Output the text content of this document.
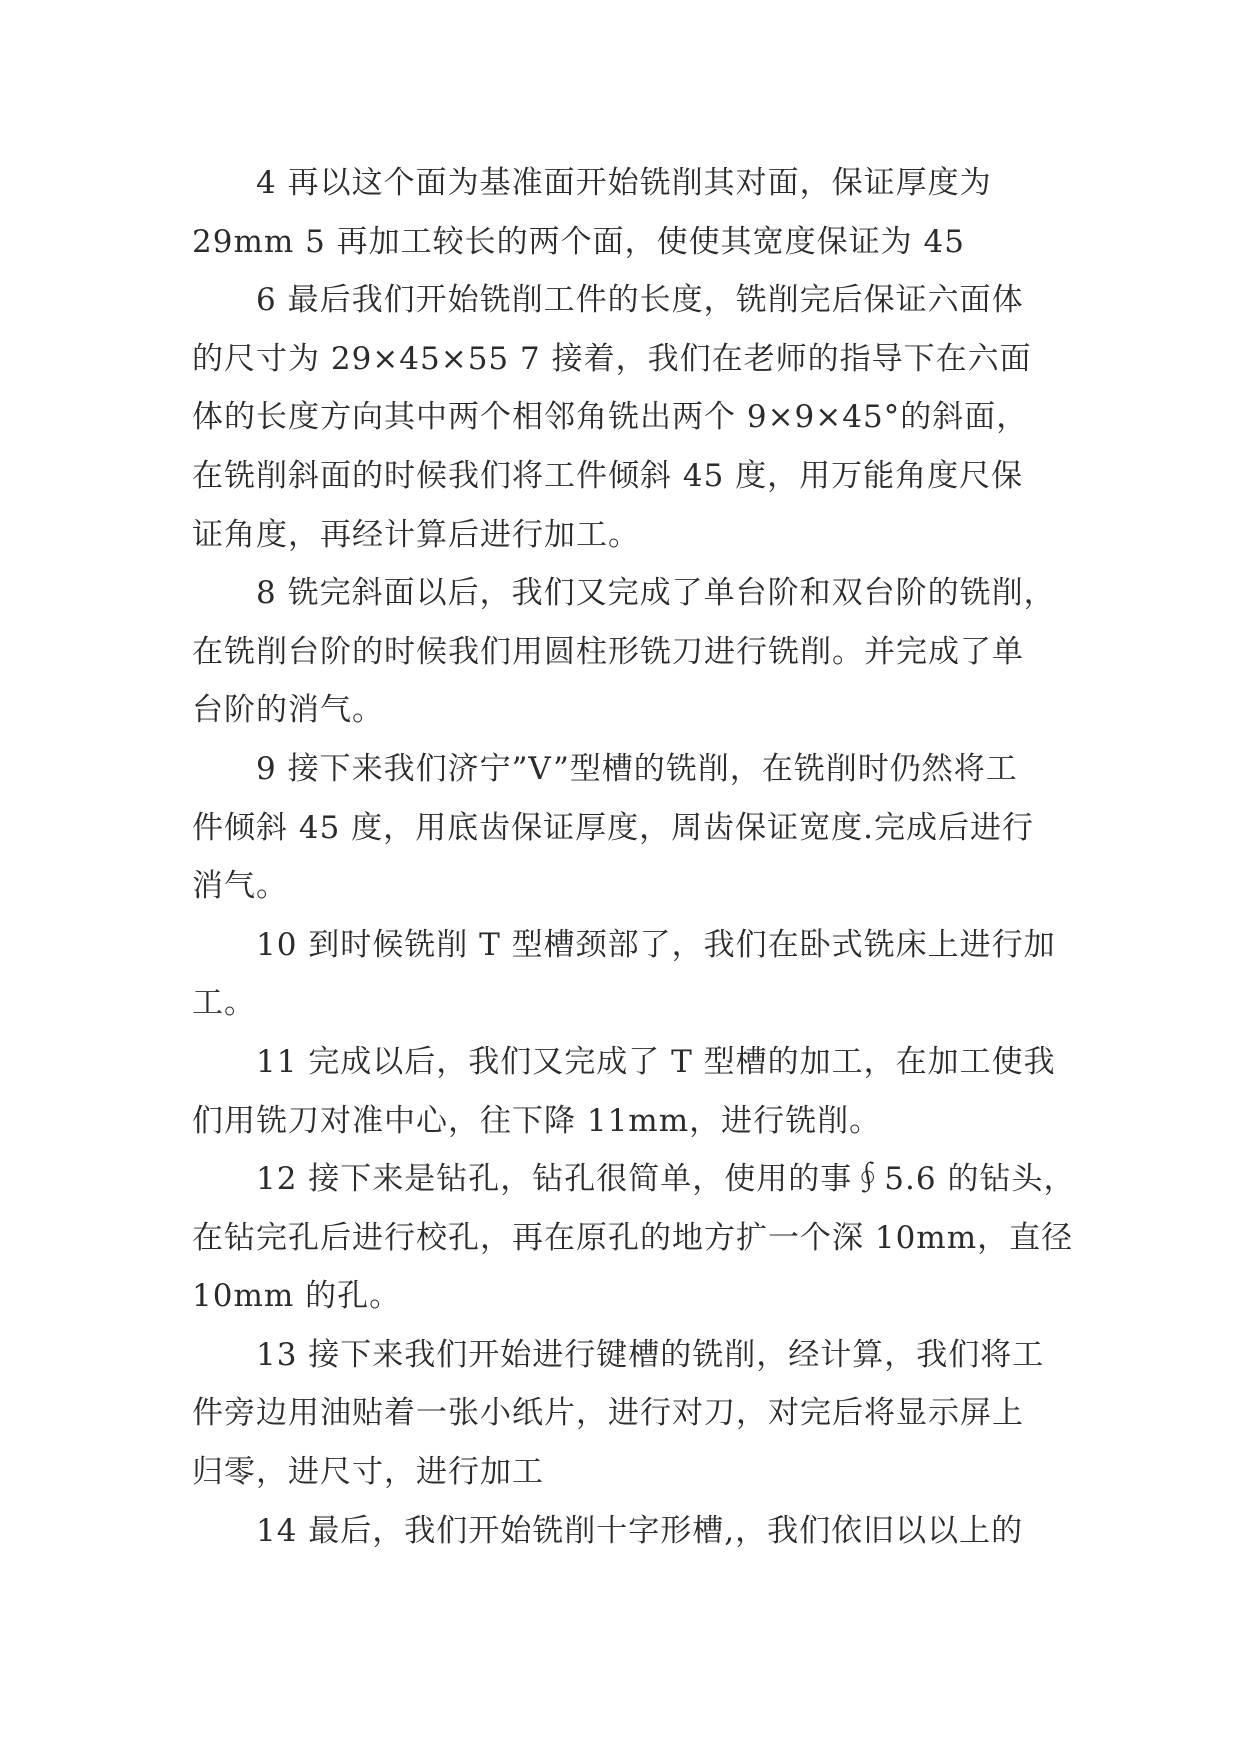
4 再以这个面为基准面开始铣削其对面，保证厚度为
29mm 5 再加工较长的两个面，使使其宽度保证为 45
6 最后我们开始铣削工件的长度，铣削完后保证六面体
的尺寸为 29×45×55 7 接着，我们在老师的指导下在六面
体的长度方向其中两个相邻角铣出两个 9×9×45°的斜面，
在铣削斜面的时候我们将工件倾斜 45 度，用万能角度尺保
证角度，再经计算后进行加工。
8 铣完斜面以后，我们又完成了单台阶和双台阶的铣削，
在铣削台阶的时候我们用圆柱形铣刀进行铣削。并完成了单
台阶的消气。
9 接下来我们济宁”V”型槽的铣削，在铣削时仍然将工
件倾斜 45 度，用底齿保证厚度，周齿保证宽度.完成后进行
消气。
10 到时候铣削 T 型槽颈部了，我们在卧式铣床上进行加
工。
11 完成以后，我们又完成了 T 型槽的加工，在加工使我
们用铣刀对准中心，往下降 11mm，进行铣削。
12 接下来是钻孔，钻孔很简单，使用的事∮5.6 的钻头，
在钻完孔后进行校孔，再在原孔的地方扩一个深 10mm，直径
10mm 的孔。
13 接下来我们开始进行键槽的铣削，经计算，我们将工
件旁边用油贴着一张小纸片，进行对刀，对完后将显示屏上
归零，进尺寸，进行加工
14 最后，我们开始铣削十字形槽,，我们依旧以以上的
